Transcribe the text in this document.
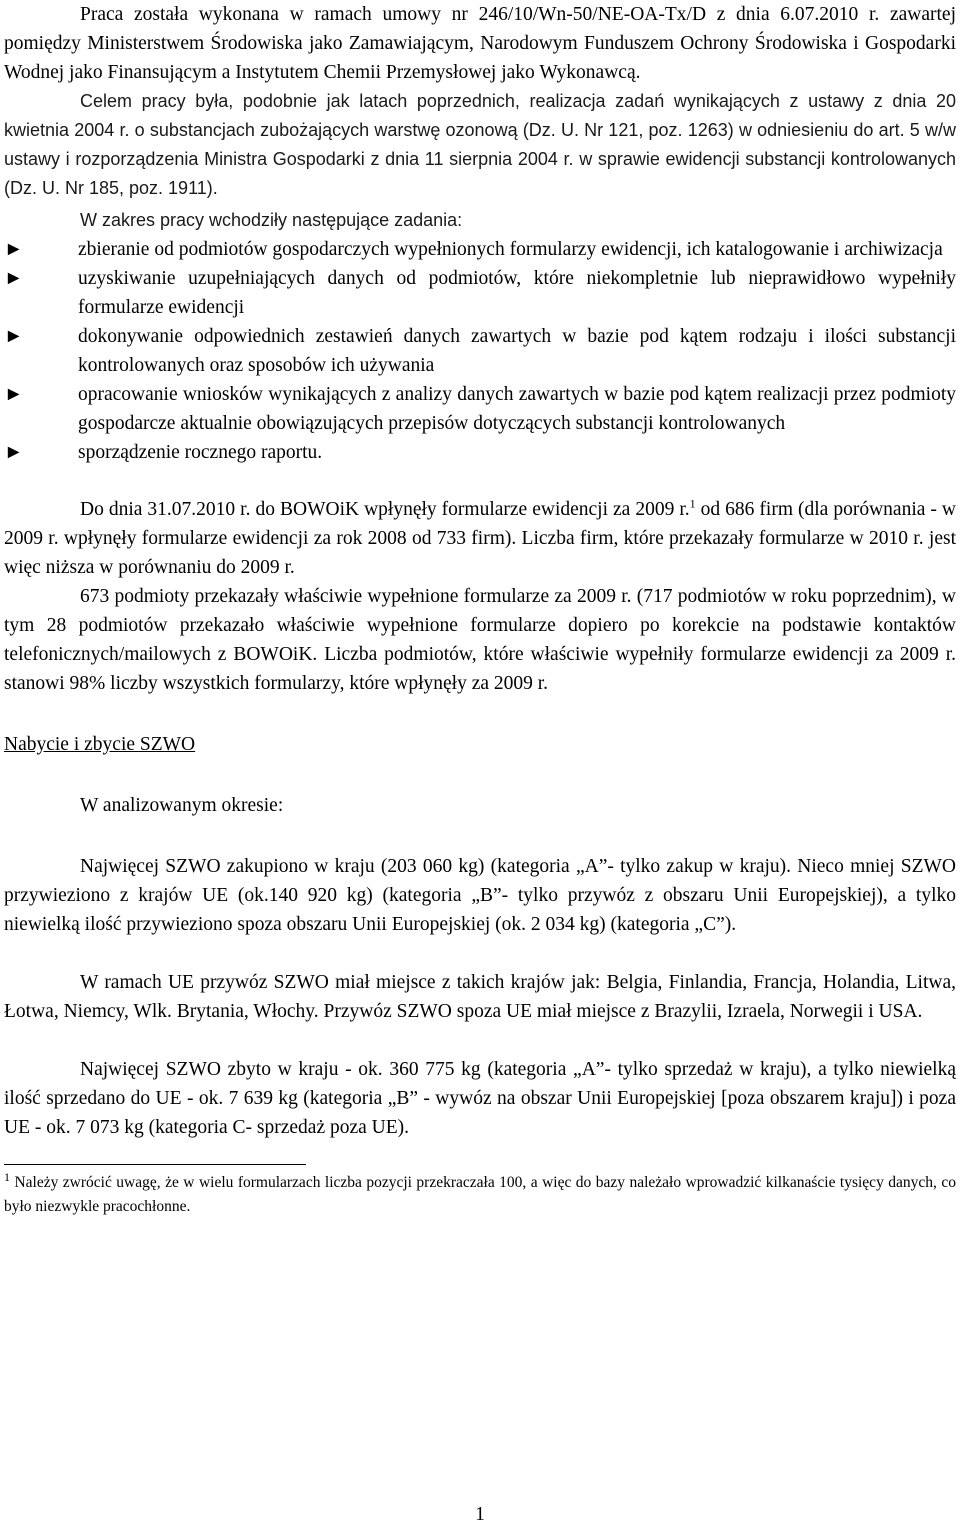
Praca została wykonana w ramach umowy nr 246/10/Wn-50/NE-OA-Tx/D z dnia 6.07.2010 r. zawartej pomiędzy Ministerstwem Środowiska jako Zamawiającym, Narodowym Funduszem Ochrony Środowiska i Gospodarki Wodnej jako Finansującym a Instytutem Chemii Przemysłowej jako Wykonawcą.

Celem pracy była, podobnie jak latach poprzednich, realizacja zadań wynikających z ustawy z dnia 20 kwietnia 2004 r. o substancjach zubożających warstwę ozonową (Dz. U. Nr 121, poz. 1263) w odniesieniu do art. 5 w/w ustawy i rozporządzenia Ministra Gospodarki z dnia 11 sierpnia 2004 r. w sprawie ewidencji substancji kontrolowanych (Dz. U. Nr 185, poz. 1911).

W zakres pracy wchodziły następujące zadania:

►	zbieranie od podmiotów gospodarczych wypełnionych formularzy ewidencji, ich katalogowanie i archiwizacja
►	uzyskiwanie uzupełniających danych od podmiotów, które niekompletnie lub nieprawidłowo wypełniły formularze ewidencji
►	dokonywanie odpowiednich zestawień danych zawartych w bazie pod kątem rodzaju i ilości substancji kontrolowanych oraz sposobów ich używania
►	opracowanie wniosków wynikających z analizy danych zawartych w bazie pod kątem realizacji przez podmioty gospodarcze aktualnie obowiązujących przepisów dotyczących substancji kontrolowanych
►	sporządzenie rocznego raportu.

Do dnia 31.07.2010 r. do BOWOiK wpłynęły formularze ewidencji za 2009 r.$^1$ od 686 firm (dla porównania - w 2009 r. wpłynęły formularze ewidencji za rok 2008 od 733 firm). Liczba firm, które przekazały formularze w 2010 r. jest więc niższa w porównaniu do 2009 r.

673 podmioty przekazały właściwie wypełnione formularze za 2009 r. (717 podmiotów w roku poprzednim), w tym 28 podmiotów przekazało właściwie wypełnione formularze dopiero po korekcie na podstawie kontaktów telefonicznych/mailowych z BOWOiK. Liczba podmiotów, które właściwie wypełniły formularze ewidencji za 2009 r. stanowi 98% liczby wszystkich formularzy, które wpłynęły za 2009 r.

Nabycie i zbycie SZWO

W analizowanym okresie:

Najwięcej SZWO zakupiono w kraju (203 060 kg) (kategoria „A”- tylko zakup w kraju). Nieco mniej SZWO przywieziono z krajów UE (ok.140 920 kg) (kategoria „B”- tylko przywóz z obszaru Unii Europejskiej), a tylko niewielką ilość przywieziono spoza obszaru Unii Europejskiej (ok. 2 034 kg) (kategoria „C”).

W ramach UE przywóz SZWO miał miejsce z takich krajów jak: Belgia, Finlandia, Francja, Holandia, Litwa, Łotwa, Niemcy, Wlk. Brytania, Włochy. Przywóz SZWO spoza UE miał miejsce z Brazylii, Izraela, Norwegii i USA.

Najwięcej SZWO zbyto w kraju - ok. 360 775 kg (kategoria „A”- tylko sprzedaż w kraju), a tylko niewielką ilość sprzedano do UE - ok. 7 639 kg (kategoria „B” - wywóz na obszar Unii Europejskiej [poza obszarem kraju]) i poza UE - ok. 7 073 kg (kategoria C- sprzedaż poza UE).

$^1$ Należy zwrócić uwagę, że w wielu formularzach liczba pozycji przekraczała 100, a więc do bazy należało wprowadzić kilkanaście tysięcy danych, co było niezwykle pracochłonne.

1
